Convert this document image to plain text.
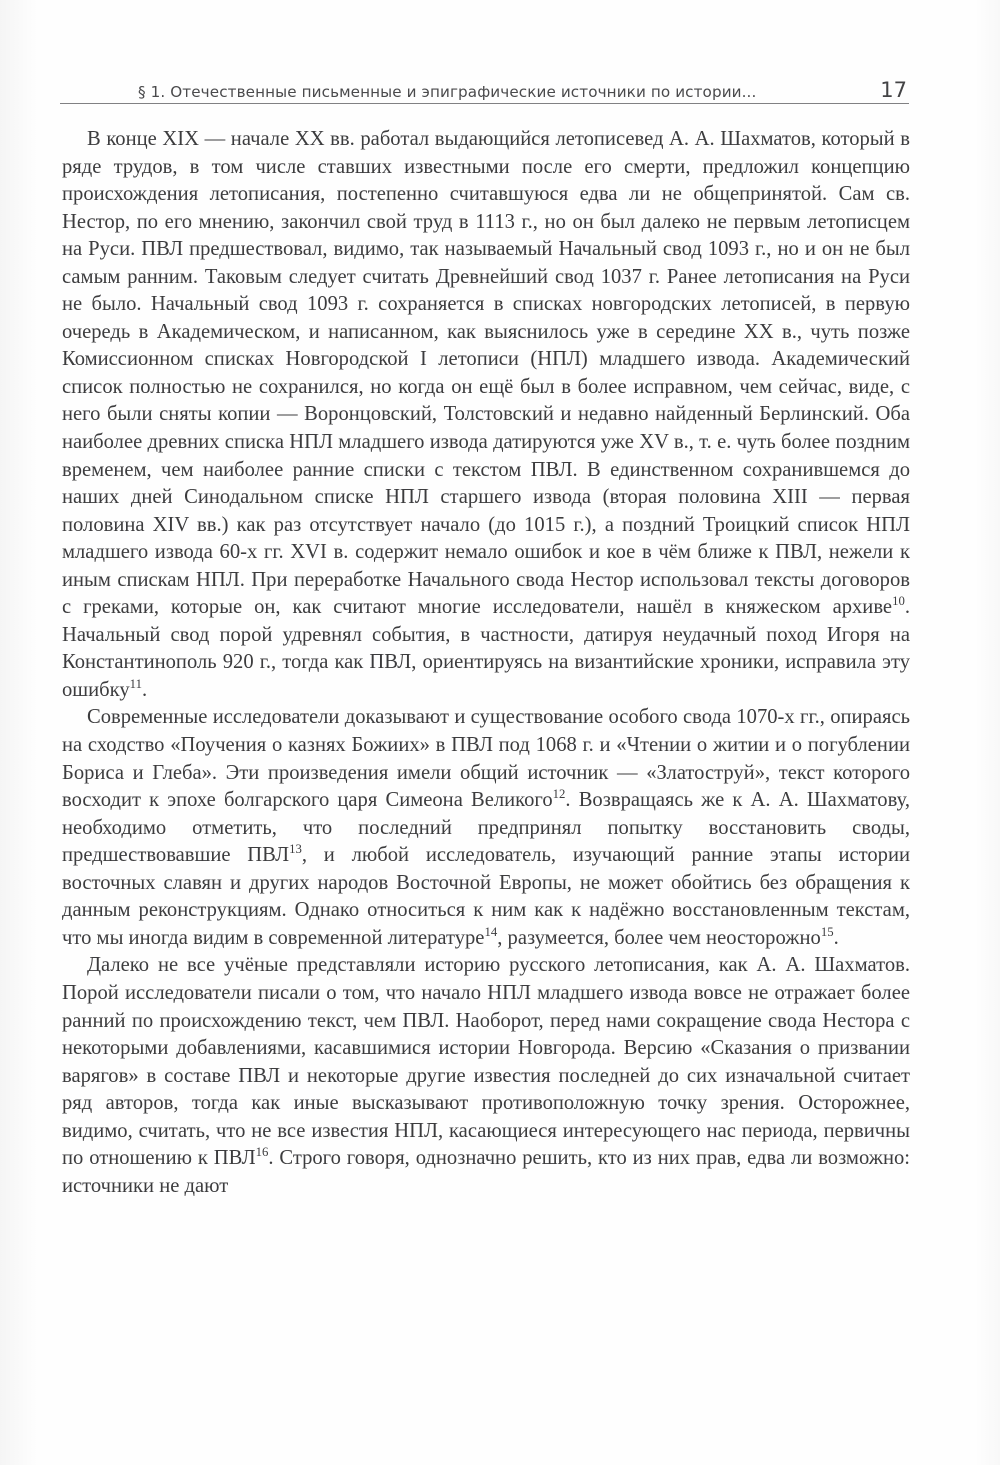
§ 1. Отечественные письменные и эпиграфические источники по истории...	17

В конце XIX — начале XX вв. работал выдающийся летописевед А. А. Шахматов, который в ряде трудов, в том числе ставших известными после его смерти, предложил концепцию происхождения летописания, постепенно считавшуюся едва ли не общепринятой. Сам св. Нестор, по его мнению, закончил свой труд в 1113 г., но он был далеко не первым летописцем на Руси. ПВЛ предшествовал, видимо, так называемый Начальный свод 1093 г., но и он не был самым ранним. Таковым следует считать Древнейший свод 1037 г. Ранее летописания на Руси не было. Начальный свод 1093 г. сохраняется в списках новгородских летописей, в первую очередь в Академическом, и написанном, как выяснилось уже в середине XX в., чуть позже Комиссионном списках Новгородской I летописи (НПЛ) младшего извода. Академический список полностью не сохранился, но когда он ещё был в более исправном, чем сейчас, виде, с него были сняты копии — Воронцовский, Толстовский и недавно найденный Берлинский. Оба наиболее древних списка НПЛ младшего извода датируются уже XV в., т. е. чуть более поздним временем, чем наиболее ранние списки с текстом ПВЛ. В единственном сохранившемся до наших дней Синодальном списке НПЛ старшего извода (вторая половина XIII — первая половина XIV вв.) как раз отсутствует начало (до 1015 г.), а поздний Троицкий список НПЛ младшего извода 60-х гг. XVI в. содержит немало ошибок и кое в чём ближе к ПВЛ, нежели к иным спискам НПЛ. При переработке Начального свода Нестор использовал тексты договоров с греками, которые он, как считают многие исследователи, нашёл в княжеском архиве$^{10}$. Начальный свод порой удревнял события, в частности, датируя неудачный поход Игоря на Константинополь 920 г., тогда как ПВЛ, ориентируясь на византийские хроники, исправила эту ошибку$^{11}$.

Современные исследователи доказывают и существование особого свода 1070-х гг., опираясь на сходство «Поучения о казнях Божиих» в ПВЛ под 1068 г. и «Чтении о житии и о погублении Бориса и Глеба». Эти произведения имели общий источник — «Златоструй», текст которого восходит к эпохе болгарского царя Симеона Великого$^{12}$. Возвращаясь же к А. А. Шахматову, необходимо отметить, что последний предпринял попытку восстановить своды, предшествовавшие ПВЛ$^{13}$, и любой исследователь, изучающий ранние этапы истории восточных славян и других народов Восточной Европы, не может обойтись без обращения к данным реконструкциям. Однако относиться к ним как к надёжно восстановленным текстам, что мы иногда видим в современной литературе$^{14}$, разумеется, более чем неосторожно$^{15}$.

Далеко не все учёные представляли историю русского летописания, как А. А. Шахматов. Порой исследователи писали о том, что начало НПЛ младшего извода вовсе не отражает более ранний по происхождению текст, чем ПВЛ. Наоборот, перед нами сокращение свода Нестора с некоторыми добавлениями, касавшимися истории Новгорода. Версию «Сказания о призвании варягов» в составе ПВЛ и некоторые другие известия последней до сих изначальной считает ряд авторов, тогда как иные высказывают противоположную точку зрения. Осторожнее, видимо, считать, что не все известия НПЛ, касающиеся интересующего нас периода, первичны по отношению к ПВЛ$^{16}$. Строго говоря, однозначно решить, кто из них прав, едва ли возможно: источники не дают
